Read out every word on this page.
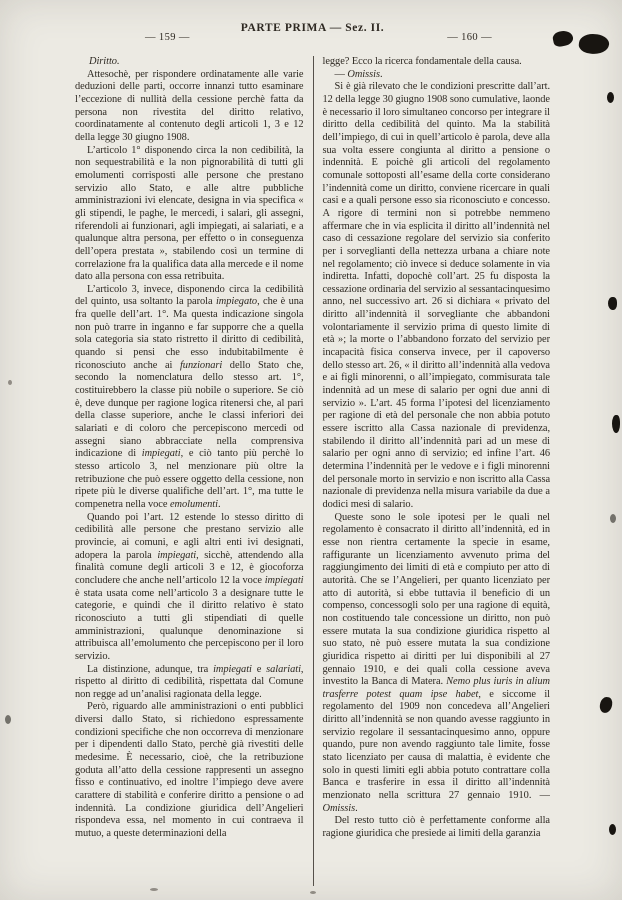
— 159 —
PARTE PRIMA — Sez. II.
— 160 —

Diritto.

Attesochè, per rispondere ordinatamente alle varie deduzioni delle parti, occorre innanzi tutto esaminare l’eccezione di nullità della cessione perchè fatta da persona non rivestita del diritto relativo, coordinatamente al contenuto degli articoli 1, 3 e 12 della legge 30 giugno 1908.

L’articolo 1° disponendo circa la non cedibilità, la non sequestrabilità e la non pignorabilità di tutti gli emolumenti corrisposti alle persone che prestano servizio allo Stato, e alle altre pubbliche amministrazioni ivi elencate, designa in via specifica « gli stipendi, le paghe, le mercedi, i salari, gli assegni, riferendoli ai funzionari, agli impiegati, ai salariati, e a qualunque altra persona, per effetto o in conseguenza dell’opera prestata », stabilendo così un termine di correlazione fra la qualifica data alla mercede e il nome dato alla persona con essa retribuita.

L’articolo 3, invece, disponendo circa la cedibilità del quinto, usa soltanto la parola impiegato, che è una fra quelle dell’art. 1°. Ma questa indicazione singola non può trarre in inganno e far supporre che a quella sola categoria sia stato ristretto il diritto di cedibilità, quando si pensi che esso indubitabilmente è riconosciuto anche ai funzionari dello Stato che, secondo la nomenclatura dello stesso art. 1°, costituirebbero la classe più nobile o superiore. Se ciò è, deve dunque per ragione logica ritenersi che, al pari della classe superiore, anche le classi inferiori dei salariati e di coloro che percepiscono mercedi od assegni siano abbracciate nella comprensiva indicazione di impiegati, e ciò tanto più perchè lo stesso articolo 3, nel menzionare più oltre la retribuzione che può essere oggetto della cessione, non ripete più le diverse qualifiche dell’art. 1°, ma tutte le compenetra nella voce emolumenti.

Quando poi l’art. 12 estende lo stesso diritto di cedibilità alle persone che prestano servizio alle provincie, ai comuni, e agli altri enti ivi designati, adopera la parola impiegati, sicchè, attendendo alla finalità comune degli articoli 3 e 12, è giocoforza concludere che anche nell’articolo 12 la voce impiegati è stata usata come nell’articolo 3 a designare tutte le categorie, e quindi che il diritto relativo è stato riconosciuto a tutti gli stipendiati di quelle amministrazioni, qualunque denominazione si attribuisca all’emolumento che percepiscono per il loro servizio.

La distinzione, adunque, tra impiegati e salariati, rispetto al diritto di cedibilità, rispettata dal Comune non regge ad un’analisi ragionata della legge.

Però, riguardo alle amministrazioni o enti pubblici diversi dallo Stato, si richiedono espressamente condizioni specifiche che non occorreva di menzionare per i dipendenti dallo Stato, perchè già rivestiti delle medesime. È necessario, cioè, che la retribuzione goduta all’atto della cessione rappresenti un assegno fisso e continuativo, ed inoltre l’impiego deve avere carattere di stabilità e conferire diritto a pensione o ad indennità. La condizione giuridica dell’Angelieri rispondeva essa, nel momento in cui contraeva il mutuo, a queste determinazioni della

legge? Ecco la ricerca fondamentale della causa.

— Omissis.

Si è già rilevato che le condizioni prescritte dall’art. 12 della legge 30 giugno 1908 sono cumulative, laonde è necessario il loro simultaneo concorso per integrare il diritto della cedibilità del quinto. Ma la stabilità dell’impiego, di cui in quell’articolo è parola, deve alla sua volta essere congiunta al diritto a pensione o indennità. E poichè gli articoli del regolamento comunale sottoposti all’esame della corte considerano l’indennità come un diritto, conviene ricercare in quali casi e a quali persone esso sia riconosciuto e concesso. A rigore di termini non si potrebbe nemmeno affermare che in via esplicita il diritto all’indennità nel caso di cessazione regolare del servizio sia conferito per i sorveglianti della nettezza urbana a chiare note nel regolamento; ciò invece si deduce solamente in via indiretta. Infatti, dopochè coll’art. 25 fu disposta la cessazione ordinaria del servizio al sessantacinquesimo anno, nel successivo art. 26 si dichiara « privato del diritto all’indennità il sorvegliante che abbandoni volontariamente il servizio prima di questo limite di età »; la morte o l’abbandono forzato del servizio per incapacità fisica conserva invece, per il capoverso dello stesso art. 26, « il diritto all’indennità alla vedova e ai figli minorenni, o all’impiegato, commisurata tale indennità ad un mese di salario per ogni due anni di servizio ». L’art. 45 forma l’ipotesi del licenziamento per ragione di età del personale che non abbia potuto essere iscritto alla Cassa nazionale di previdenza, stabilendo il diritto all’indennità pari ad un mese di salario per ogni anno di servizio; ed infine l’art. 46 determina l’indennità per le vedove e i figli minorenni del personale morto in servizio e non iscritto alla Cassa nazionale di previdenza nella misura variabile da due a dodici mesi di salario.

Queste sono le sole ipotesi per le quali nel regolamento è consacrato il diritto all’indennità, ed in esse non rientra certamente la specie in esame, raffigurante un licenziamento avvenuto prima del raggiungimento dei limiti di età e compiuto per atto di autorità. Che se l’Angelieri, per quanto licenziato per atto di autorità, si ebbe tuttavia il beneficio di un compenso, concessogli solo per una ragione di equità, non costituendo tale concessione un diritto, non può essere mutata la sua condizione giuridica rispetto al suo stato, nè può essere mutata la sua condizione giuridica rispetto ai diritti per lui disponibili al 27 gennaio 1910, e dei quali colla cessione aveva investito la Banca di Matera. Nemo plus iuris in alium trasferre potest quam ipse habet, e siccome il regolamento del 1909 non concedeva all’Angelieri diritto all’indennità se non quando avesse raggiunto in servizio regolare il sessantacinquesimo anno, oppure quando, pure non avendo raggiunto tale limite, fosse stato licenziato per causa di malattia, è evidente che solo in questi limiti egli abbia potuto contrattare colla Banca e trasferire in essa il diritto all’indennità menzionato nella scrittura 27 gennaio 1910. — Omissis.

Del resto tutto ciò è perfettamente conforme alla ragione giuridica che presiede ai limiti della garanzia
